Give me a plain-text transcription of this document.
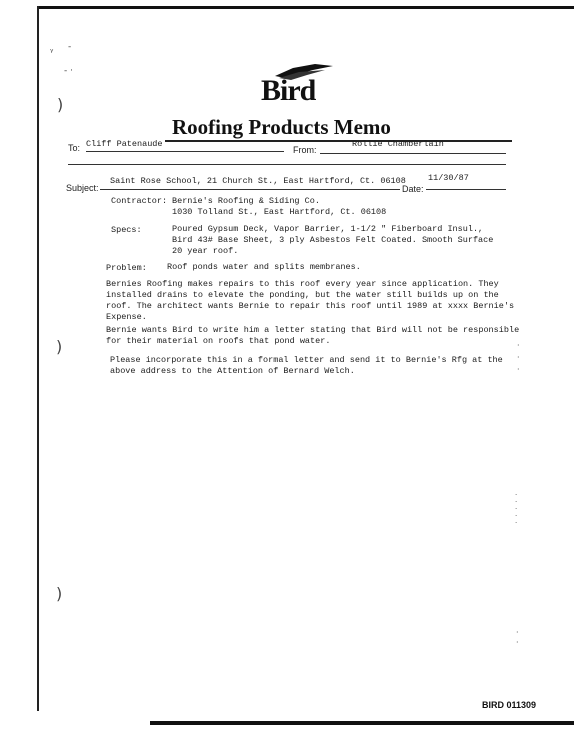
ᵞ
-
- ·
)
)
)
Bird
Roofing Products Memo
To: Cliff Patenaude
From:
Rollie Chamberlain
Subject:
Saint Rose School, 21 Church St., East Hartford, Ct. 06108
Date:
11/30/87
Contractor: Bernie's Roofing & Siding Co.
1030 Tolland St., East Hartford, Ct. 06108
Specs:	Poured Gypsum Deck, Vapor Barrier, 1-1/2 " Fiberboard Insul.,
Bird 43# Base Sheet, 3 ply Asbestos Felt Coated. Smooth Surface
20 year roof.
Problem: Roof ponds water and splits membranes.
Bernies Roofing makes repairs to this roof every year since application. They
installed drains to elevate the ponding, but the water still builds up on the
roof. The architect wants Bernie to repair this roof until 1989 at xxxx Bernie's
Expense.
Bernie wants Bird to write him a letter stating that Bird will not be responsible
for their material on roofs that pond water.
Please incorporate this in a formal letter and send it to Bernie's Rfg at the
above address to the Attention of Bernard Welch.
·
·
·
·
·
·
·
·
·
·
BIRD 011309
